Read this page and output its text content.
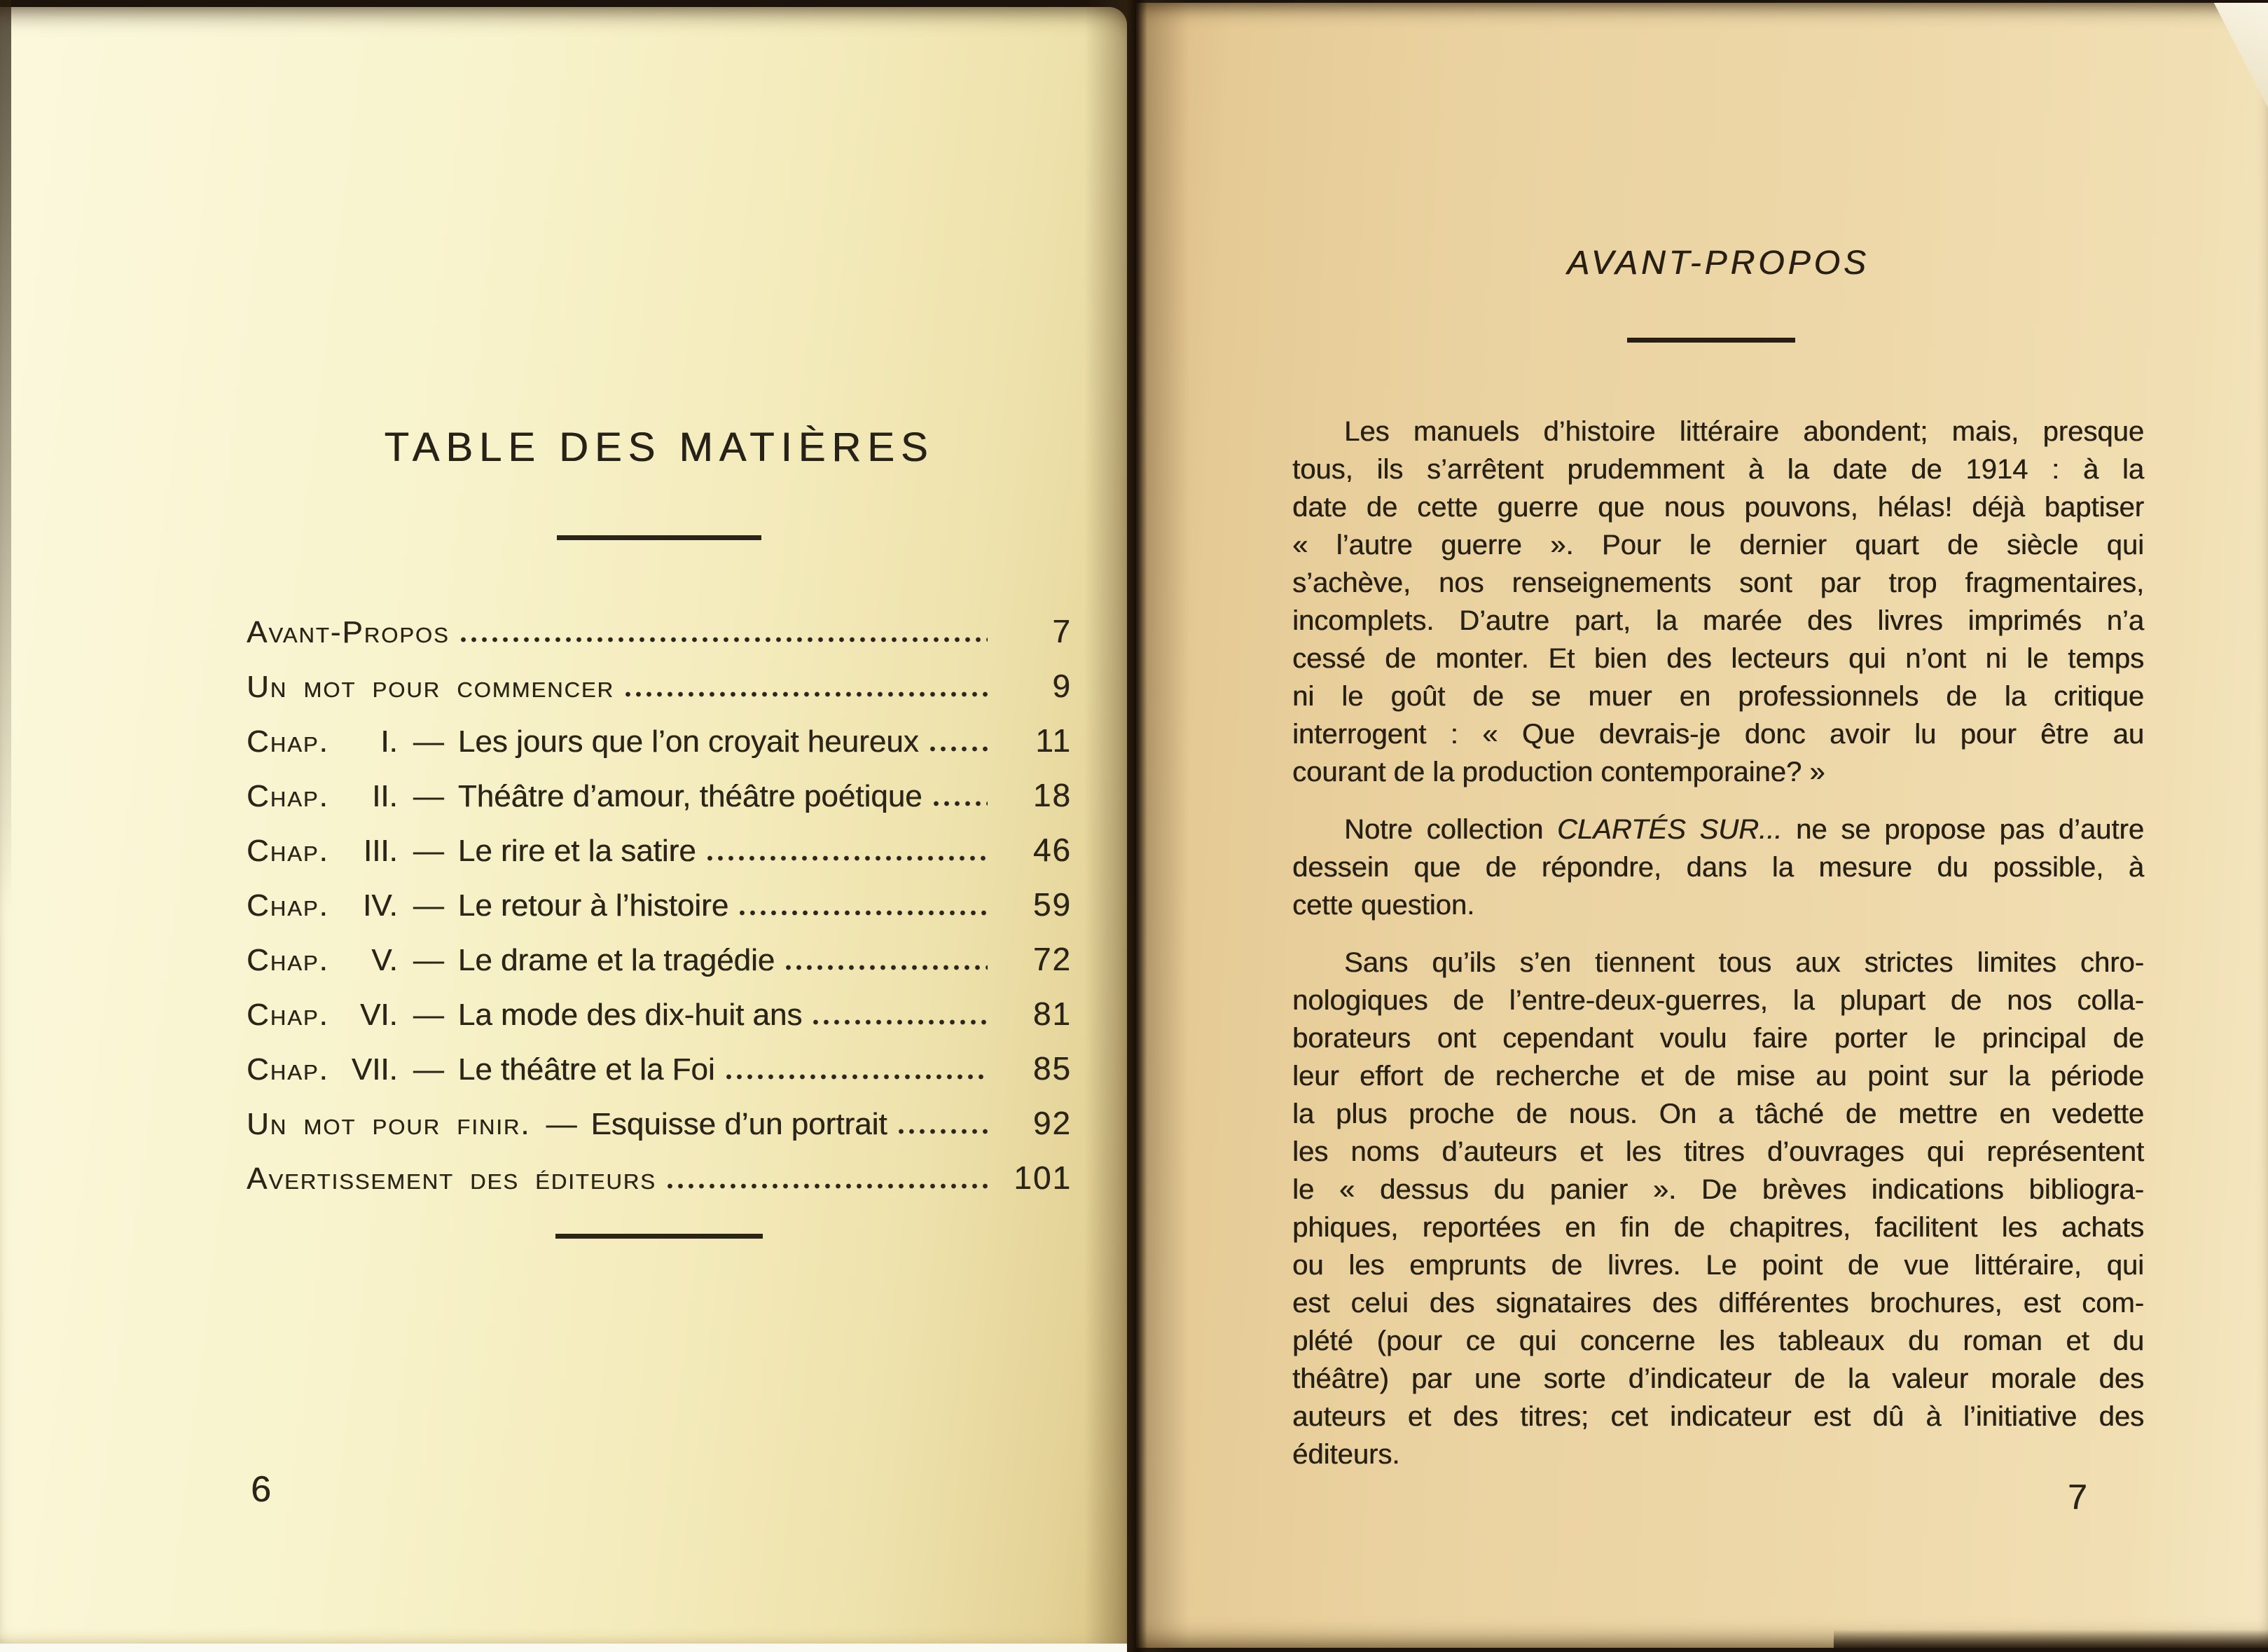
TABLE DES MATIÈRES
Avant-Propos	7
Un mot pour commencer	9
Chap.	I. — Les jours que l’on croyait heureux	11
Chap.	II. — Théâtre d’amour, théâtre poétique	18
Chap.	III. — Le rire et la satire	46
Chap.	IV. — Le retour à l’histoire	59
Chap.	V. — Le drame et la tragédie	72
Chap.	VI. — La mode des dix-huit ans	81
Chap. VII. — Le théâtre et la Foi	85
Un mot pour finir. — Esquisse d’un portrait	92
Avertissement des éditeurs	101
6
AVANT-PROPOS
Les manuels d’histoire littéraire abondent; mais, presque
tous, ils s’arrêtent prudemment à la date de 1914 : à la
date de cette guerre que nous pouvons, hélas! déjà baptiser
« l’autre guerre ». Pour le dernier quart de siècle qui
s’achève, nos renseignements sont par trop fragmentaires,
incomplets. D’autre part, la marée des livres imprimés n’a
cessé de monter. Et bien des lecteurs qui n’ont ni le temps
ni le goût de se muer en professionnels de la critique
interrogent : « Que devrais-je donc avoir lu pour être au
courant de la production contemporaine? »
Notre collection CLARTÉS SUR... ne se propose pas d’autre
dessein que de répondre, dans la mesure du possible, à
cette question.
Sans qu’ils s’en tiennent tous aux strictes limites chro-
nologiques de l’entre-deux-guerres, la plupart de nos colla-
borateurs ont cependant voulu faire porter le principal de
leur effort de recherche et de mise au point sur la période
la plus proche de nous. On a tâché de mettre en vedette
les noms d’auteurs et les titres d’ouvrages qui représentent
le « dessus du panier ». De brèves indications bibliogra-
phiques, reportées en fin de chapitres, facilitent les achats
ou les emprunts de livres. Le point de vue littéraire, qui
est celui des signataires des différentes brochures, est com-
plété (pour ce qui concerne les tableaux du roman et du
théâtre) par une sorte d’indicateur de la valeur morale des
auteurs et des titres; cet indicateur est dû à l’initiative des
éditeurs.
7
